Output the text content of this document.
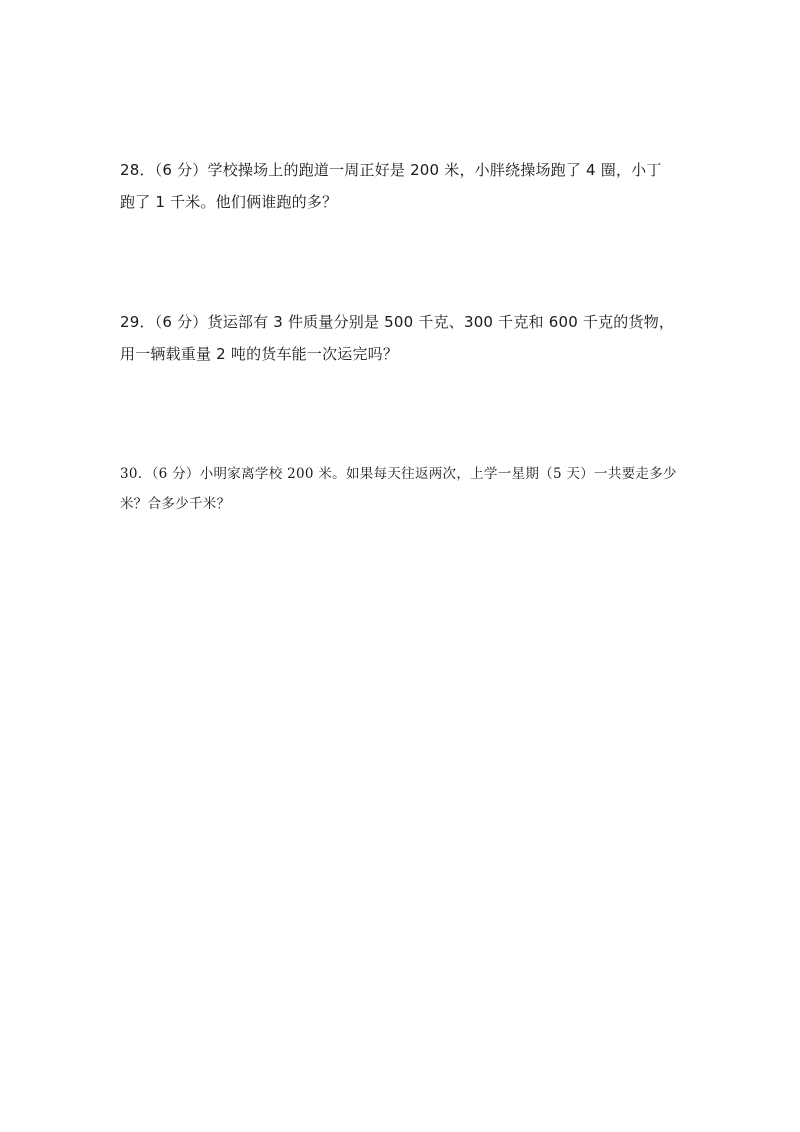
28．（6 分）学校操场上的跑道一周正好是 200 米，小胖绕操场跑了 4 圈，小丁
跑了 1 千米。他们俩谁跑的多？
29．（6 分）货运部有 3 件质量分别是 500 千克、300 千克和 600 千克的货物，
用一辆载重量 2 吨的货车能一次运完吗？
30．（6 分）小明家离学校 200 米。如果每天往返两次，上学一星期（5 天）一共要走多少
米？合多少千米？
